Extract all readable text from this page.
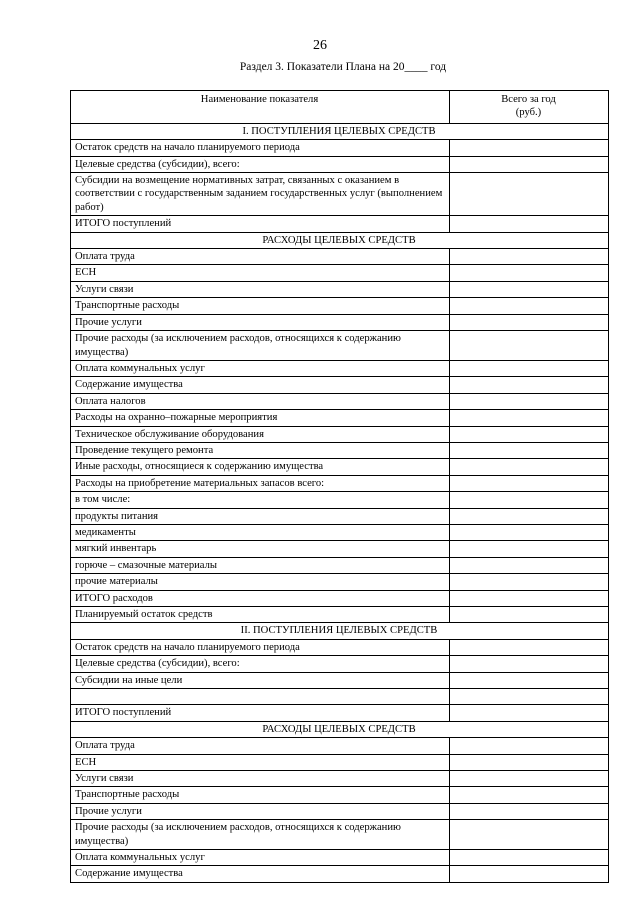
26
Раздел 3. Показатели Плана на 20____ год
Наименование показателя	Всего за год
(руб.)
I. ПОСТУПЛЕНИЯ ЦЕЛЕВЫХ СРЕДСТВ	
Остаток средств на начало планируемого периода	
Целевые средства (субсидии), всего:	
Субсидии на возмещение нормативных затрат, связанных с оказанием в соответствии с государственным заданием государственных услуг (выполнением работ)	
ИТОГО поступлений	
РАСХОДЫ ЦЕЛЕВЫХ СРЕДСТВ	
Оплата труда	
ЕСН	
Услуги связи	
Транспортные расходы	
Прочие услуги	
Прочие расходы (за исключением расходов, относящихся к содержанию имущества)	
Оплата коммунальных услуг	
Содержание имущества	
Оплата налогов	
Расходы на охранно–пожарные мероприятия	
Техническое обслуживание оборудования	
Проведение текущего ремонта	
Иные расходы, относящиеся к содержанию имущества	
Расходы на приобретение материальных запасов всего:	
в том числе:	
продукты питания	
медикаменты	
мягкий инвентарь	
горюче – смазочные материалы	
прочие материалы	
ИТОГО расходов	
Планируемый остаток средств	
II. ПОСТУПЛЕНИЯ ЦЕЛЕВЫХ СРЕДСТВ	
Остаток средств на начало планируемого периода	
Целевые средства (субсидии), всего:	
Субсидии на иные цели	

ИТОГО поступлений	
РАСХОДЫ ЦЕЛЕВЫХ СРЕДСТВ	
Оплата труда	
ЕСН	
Услуги связи	
Транспортные расходы	
Прочие услуги	
Прочие расходы (за исключением расходов, относящихся к содержанию имущества)	
Оплата коммунальных услуг	
Содержание имущества	
